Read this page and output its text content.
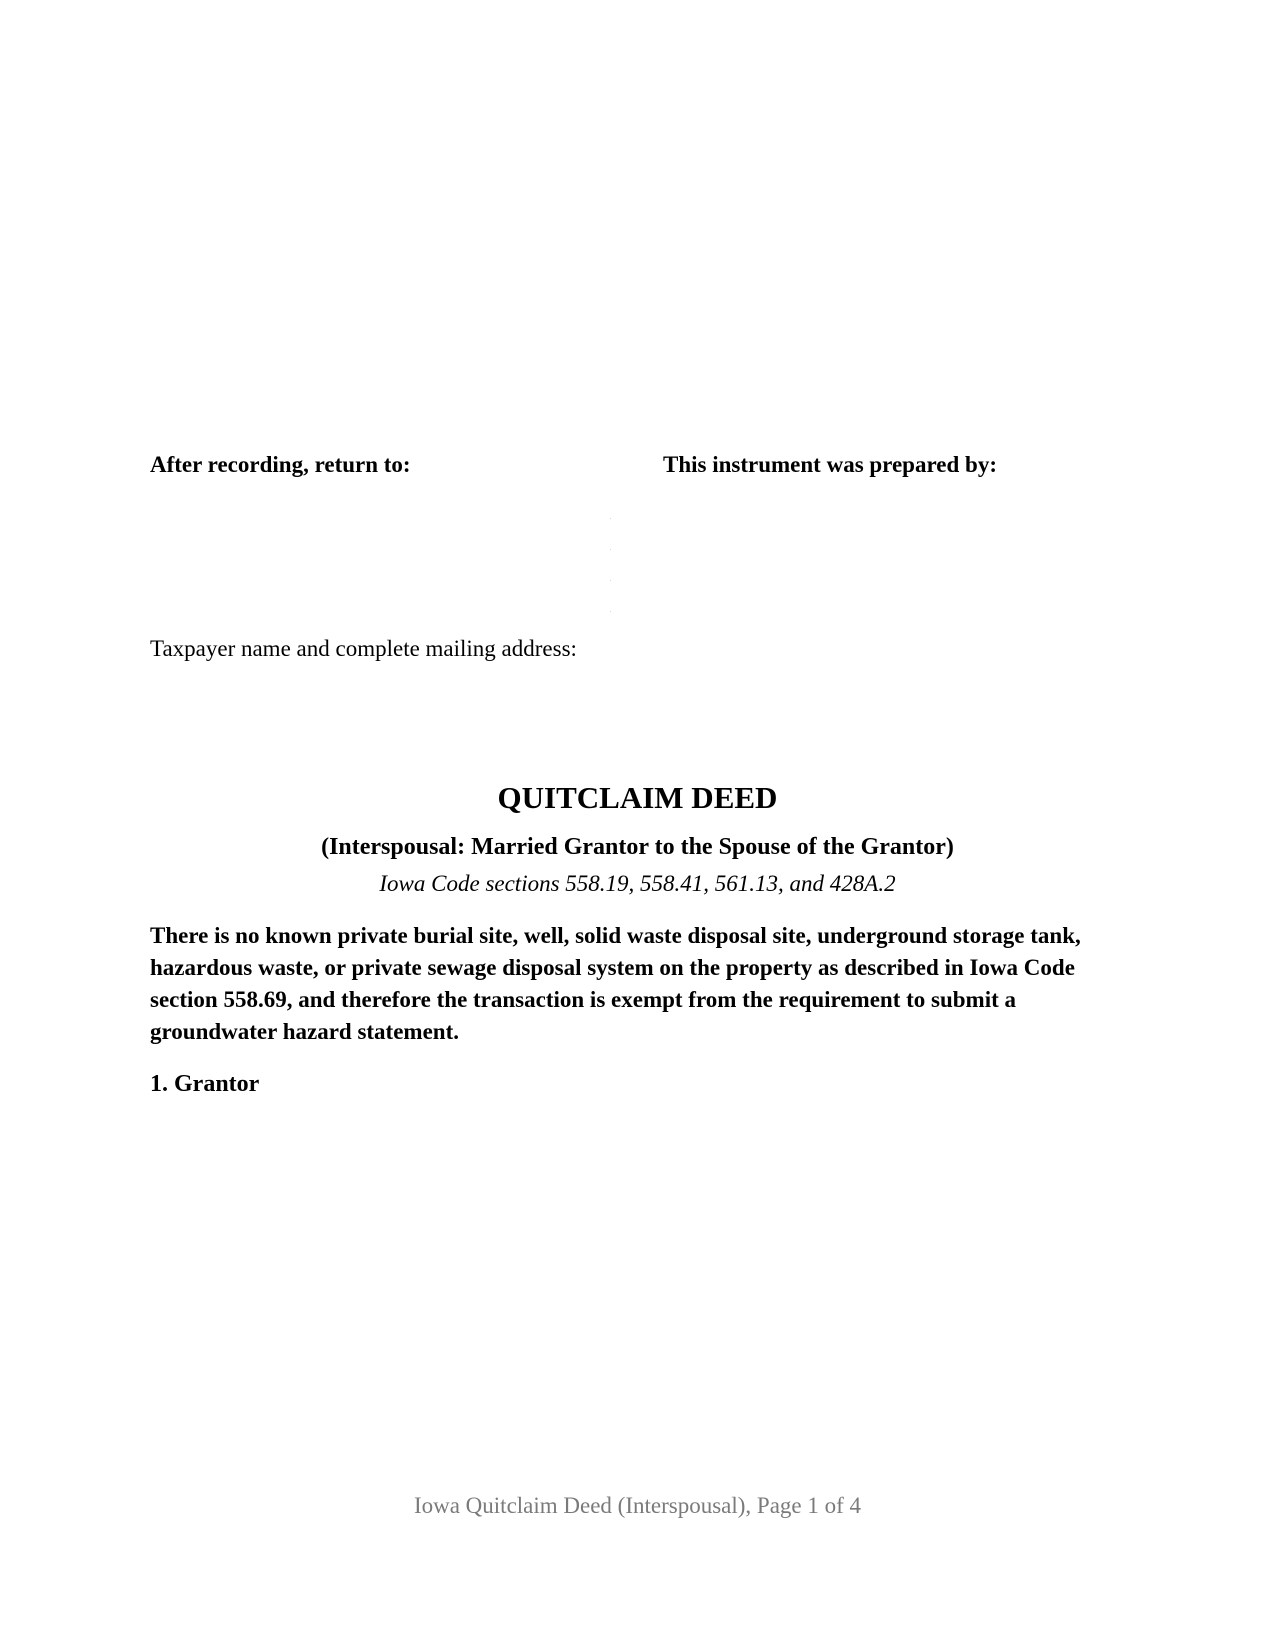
After recording, return to:	This instrument was prepared by:

Taxpayer name and complete mailing address:

QUITCLAIM DEED
(Interspousal: Married Grantor to the Spouse of the Grantor)

Iowa Code sections 558.19, 558.41, 561.13, and 428A.2

There is no known private burial site, well, solid waste disposal site, underground storage tank, hazardous waste, or private sewage disposal system on the property as described in Iowa Code section 558.69, and therefore the transaction is exempt from the requirement to submit a groundwater hazard statement.

1. Grantor

Iowa Quitclaim Deed (Interspousal), Page 1 of 4
